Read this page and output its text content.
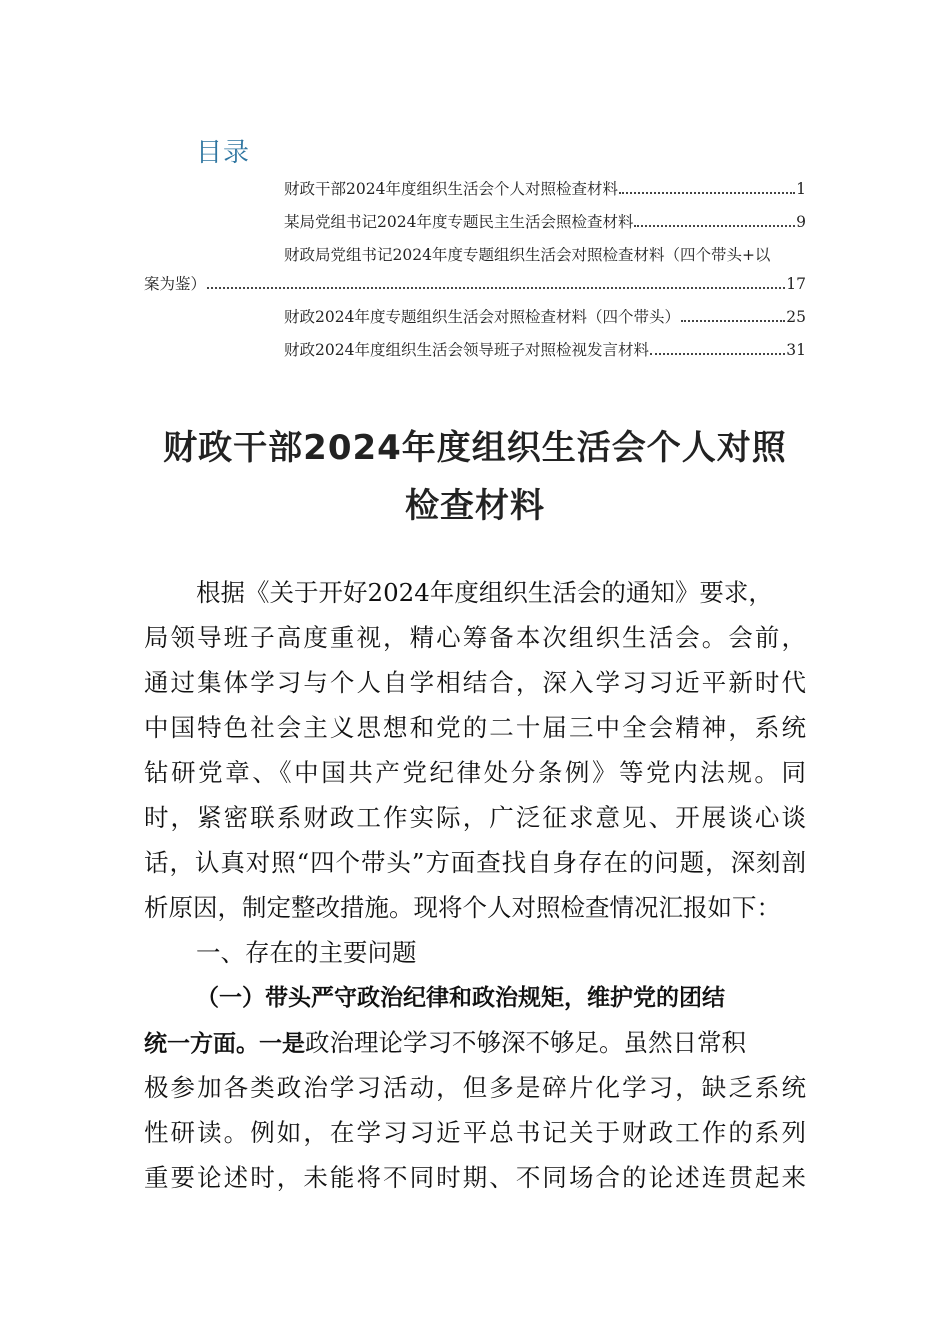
目录
财政干部2024年度组织生活会个人对照检查材料	1
某局党组书记2024年度专题民主生活会照检查材料	9
财政局党组书记2024年度专题组织生活会对照检查材料（四个带头+以
案为鉴）	17
财政2024年度专题组织生活会对照检查材料（四个带头）	25
财政2024年度组织生活会领导班子对照检视发言材料	31
财政干部2024年度组织生活会个人对照
检查材料
根据《关于开好2024年度组织生活会的通知》要求，
局领导班子高度重视，精心筹备本次组织生活会。会前，
通过集体学习与个人自学相结合，深入学习习近平新时代
中国特色社会主义思想和党的二十届三中全会精神，系统
钻研党章、《中国共产党纪律处分条例》等党内法规。同
时，紧密联系财政工作实际，广泛征求意见、开展谈心谈
话，认真对照“四个带头”方面查找自身存在的问题，深刻剖
析原因，制定整改措施。现将个人对照检查情况汇报如下：
一、存在的主要问题
（一）带头严守政治纪律和政治规矩，维护党的团结
统一方面。一是政治理论学习不够深不够足。虽然日常积
极参加各类政治学习活动，但多是碎片化学习，缺乏系统
性研读。例如，在学习习近平总书记关于财政工作的系列
重要论述时，未能将不同时期、不同场合的论述连贯起来
